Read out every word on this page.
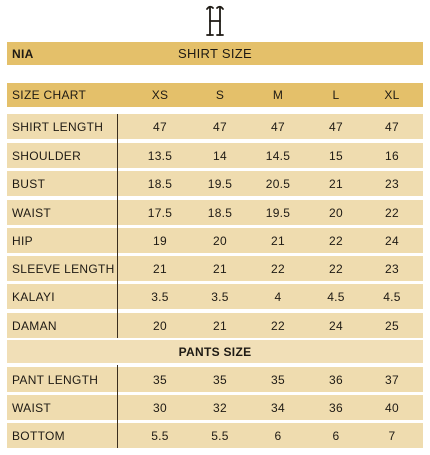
NIA	SHIRT SIZE
SIZE CHART	XS	S	M	L	XL
SHIRT LENGTH	47	47	47	47	47
SHOULDER	13.5	14	14.5	15	16
BUST	18.5	19.5	20.5	21	23
WAIST	17.5	18.5	19.5	20	22
HIP	19	20	21	22	24
SLEEVE LENGTH	21	21	22	22	23
KALAYI	3.5	3.5	4	4.5	4.5
DAMAN	20	21	22	24	25
PANTS SIZE
PANT LENGTH	35	35	35	36	37
WAIST	30	32	34	36	40
BOTTOM	5.5	5.5	6	6	7
